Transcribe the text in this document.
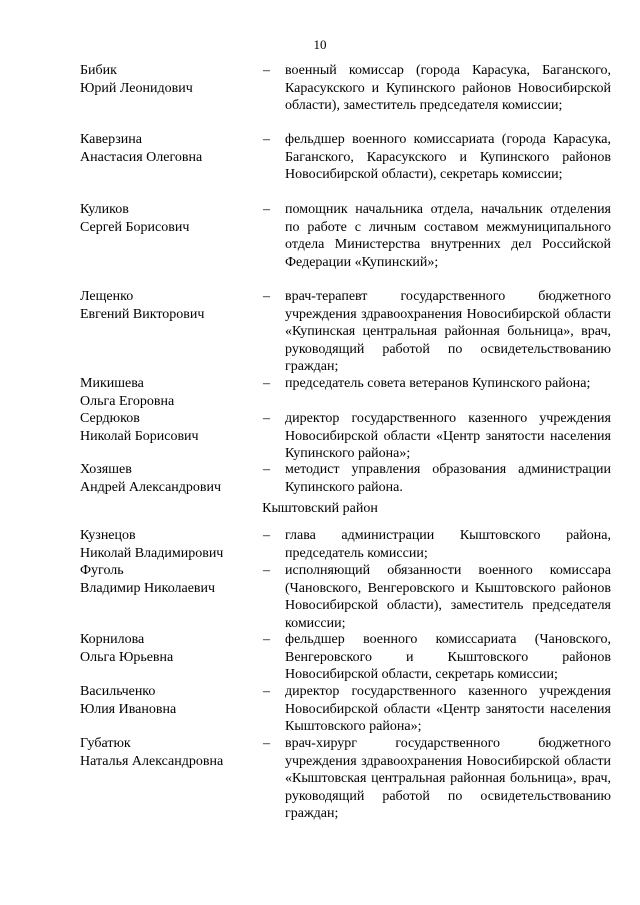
10
Бибик
Юрий Леонидович
– военный комиссар (города Карасука, Баганского, Карасукского и Купинского районов Новосибирской области), заместитель председателя комиссии;
Каверзина
Анастасия Олеговна
– фельдшер военного комиссариата (города Карасука, Баганского, Карасукского и Купинского районов Новосибирской области), секретарь комиссии;
Куликов
Сергей Борисович
– помощник начальника отдела, начальник отделения по работе с личным составом межмуниципального отдела Министерства внутренних дел Российской Федерации «Купинский»;
Лещенко
Евгений Викторович
– врач-терапевт государственного бюджетного учреждения здравоохранения Новосибирской области «Купинская центральная районная больница», врач, руководящий работой по освидетельствованию граждан;
Микишева
Ольга Егоровна
– председатель совета ветеранов Купинского района;
Сердюков
Николай Борисович
– директор государственного казенного учреждения Новосибирской области «Центр занятости населения Купинского района»;
Хозяшев
Андрей Александрович
– методист управления образования администрации Купинского района.
Кыштовский район
Кузнецов
Николай Владимирович
– глава администрации Кыштовского района, председатель комиссии;
Фуголь
Владимир Николаевич
– исполняющий обязанности военного комиссара (Чановского, Венгеровского и Кыштовского районов Новосибирской области), заместитель председателя комиссии;
Корнилова
Ольга Юрьевна
– фельдшер военного комиссариата (Чановского, Венгеровского и Кыштовского районов Новосибирской области, секретарь комиссии;
Васильченко
Юлия Ивановна
– директор государственного казенного учреждения Новосибирской области «Центр занятости населения Кыштовского района»;
Губатюк
Наталья Александровна
– врач-хирург государственного бюджетного учреждения здравоохранения Новосибирской области «Кыштовская центральная районная больница», врач, руководящий работой по освидетельствованию граждан;
